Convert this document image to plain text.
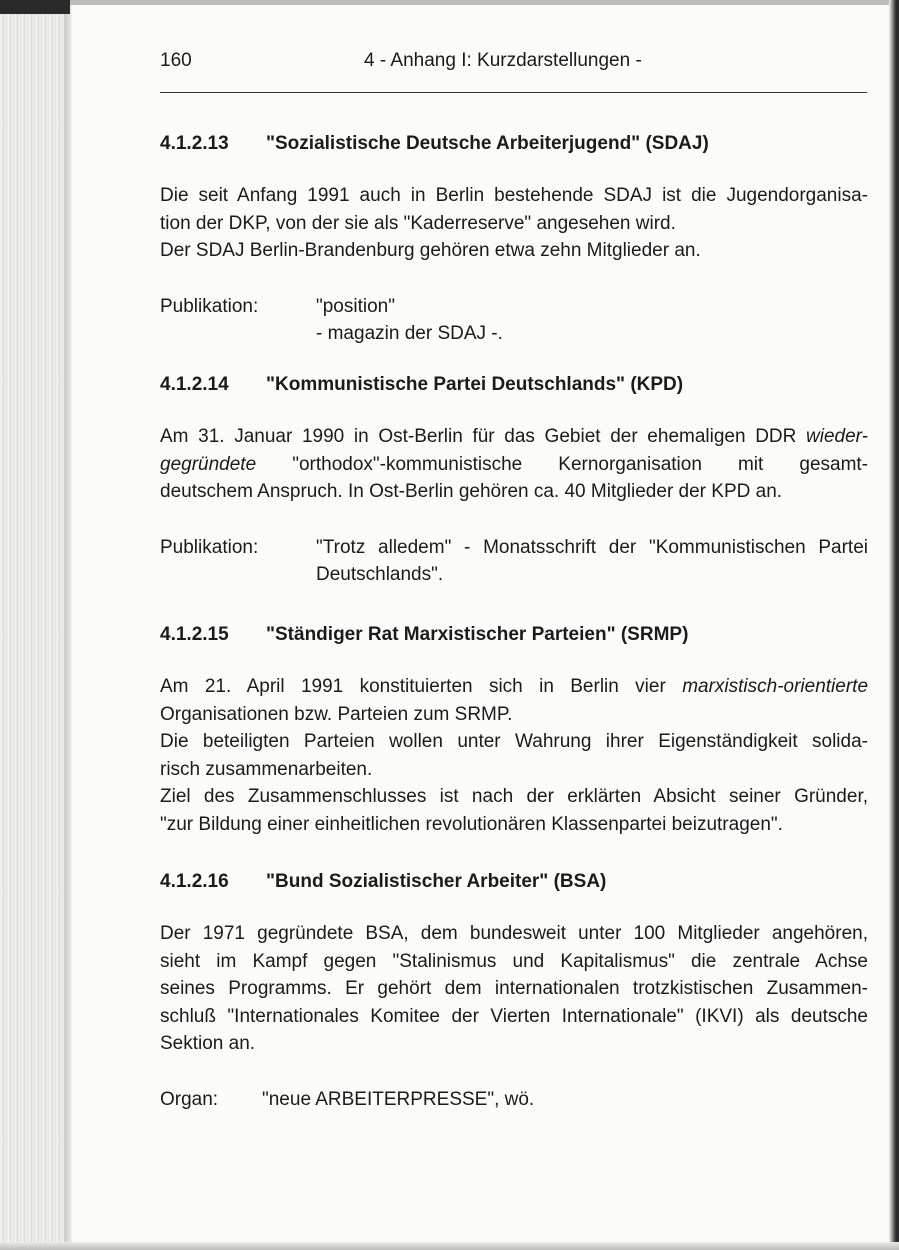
160	4 - Anhang I: Kurzdarstellungen -
4.1.2.13 "Sozialistische Deutsche Arbeiterjugend" (SDAJ)

Die seit Anfang 1991 auch in Berlin bestehende SDAJ ist die Jugendorganisa-
tion der DKP, von der sie als "Kaderreserve" angesehen wird.
Der SDAJ Berlin-Brandenburg gehören etwa zehn Mitglieder an.

Publikation:	"position"
- magazin der SDAJ -.
4.1.2.14 "Kommunistische Partei Deutschlands" (KPD)

Am 31. Januar 1990 in Ost-Berlin für das Gebiet der ehemaligen DDR wieder-
gegründete "orthodox"-kommunistische Kernorganisation mit gesamt-
deutschem Anspruch. In Ost-Berlin gehören ca. 40 Mitglieder der KPD an.

Publikation:	"Trotz alledem" - Monatsschrift der "Kommunistischen Partei
Deutschlands".
4.1.2.15 "Ständiger Rat Marxistischer Parteien" (SRMP)

Am 21. April 1991 konstituierten sich in Berlin vier marxistisch-orientierte
Organisationen bzw. Parteien zum SRMP.
Die beteiligten Parteien wollen unter Wahrung ihrer Eigenständigkeit solida-
risch zusammenarbeiten.
Ziel des Zusammenschlusses ist nach der erklärten Absicht seiner Gründer,
"zur Bildung einer einheitlichen revolutionären Klassenpartei beizutragen".

4.1.2.16 "Bund Sozialistischer Arbeiter" (BSA)

Der 1971 gegründete BSA, dem bundesweit unter 100 Mitglieder angehören,
sieht im Kampf gegen "Stalinismus und Kapitalismus" die zentrale Achse
seines Programms. Er gehört dem internationalen trotzkistischen Zusammen-
schluß "Internationales Komitee der Vierten Internationale" (IKVI) als deutsche
Sektion an.

Organ: "neue ARBEITERPRESSE", wö.
